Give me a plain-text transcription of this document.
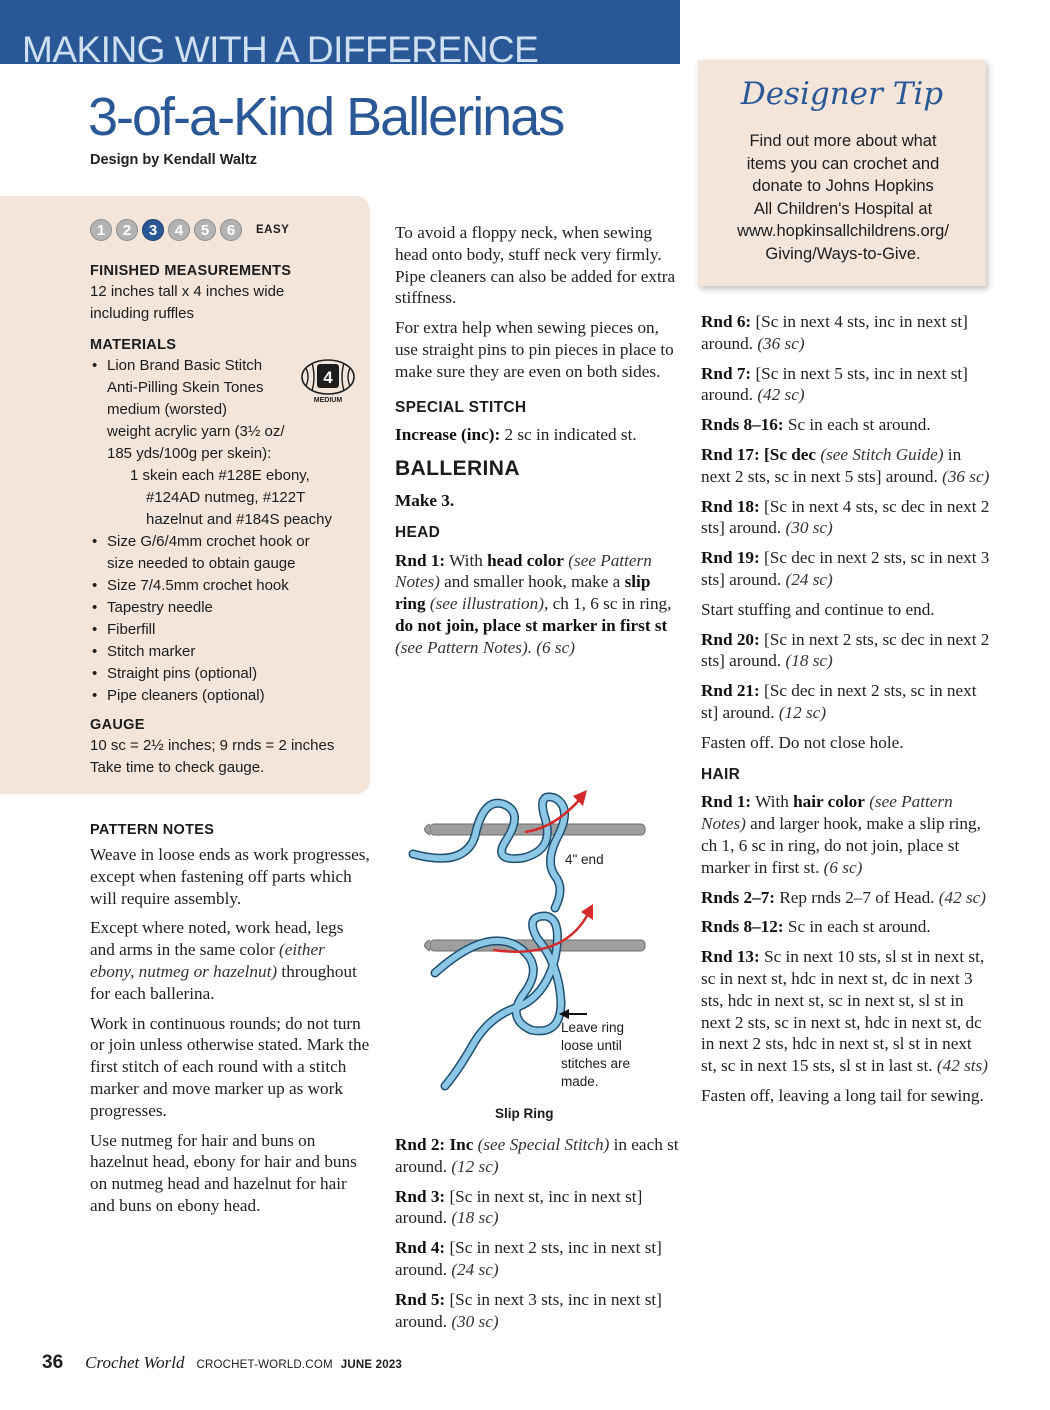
MAKING WITH A DIFFERENCE
3-of-a-Kind Ballerinas
Design by Kendall Waltz
1	2	3	4	5	6	EASY
FINISHED MEASUREMENTS
12 inches tall x 4 inches wide
including ruffles
MATERIALS
• Lion Brand Basic Stitch
Anti-Pilling Skein Tones
medium (worsted)
weight acrylic yarn (3½ oz/
185 yds/100g per skein):
1 skein each #128E ebony,
#124AD nutmeg, #122T
hazelnut and #184S peachy
• Size G/6/4mm crochet hook or
size needed to obtain gauge
• Size 7/4.5mm crochet hook
• Tapestry needle
• Fiberfill
• Stitch marker
• Straight pins (optional)
• Pipe cleaners (optional)
4
MEDIUM
GAUGE
10 sc = 2½ inches; 9 rnds = 2 inches
Take time to check gauge.
PATTERN NOTES

Weave in loose ends as work progresses, except when fastening off parts which will require assembly.

Except where noted, work head, legs and arms in the same color (either ebony, nutmeg or hazelnut) throughout for each ballerina.

Work in continuous rounds; do not turn or join unless otherwise stated. Mark the first stitch of each round with a stitch marker and move marker up as work progresses.

Use nutmeg for hair and buns on hazelnut head, ebony for hair and buns on nutmeg head and hazelnut for hair and buns on ebony head.

To avoid a floppy neck, when sewing head onto body, stuff neck very firmly. Pipe cleaners can also be added for extra stiffness.

For extra help when sewing pieces on, use straight pins to pin pieces in place to make sure they are even on both sides.

SPECIAL STITCH

Increase (inc): 2 sc in indicated st.

BALLERINA

Make 3.

HEAD

Rnd 1: With head color (see Pattern Notes) and smaller hook, make a slip ring (see illustration), ch 1, 6 sc in ring, do not join, place st marker in first st (see Pattern Notes). (6 sc)

4" end
Leave ring
loose until
stitches are
made.
Slip Ring

Rnd 2: Inc (see Special Stitch) in each st around. (12 sc)

Rnd 3: [Sc in next st, inc in next st] around. (18 sc)

Rnd 4: [Sc in next 2 sts, inc in next st] around. (24 sc)

Rnd 5: [Sc in next 3 sts, inc in next st] around. (30 sc)

Designer Tip
Find out more about what
items you can crochet and
donate to Johns Hopkins
All Children's Hospital at
www.hopkinsallchildrens.org/
Giving/Ways-to-Give.

Rnd 6: [Sc in next 4 sts, inc in next st] around. (36 sc)

Rnd 7: [Sc in next 5 sts, inc in next st] around. (42 sc)

Rnds 8–16: Sc in each st around.

Rnd 17: [Sc dec (see Stitch Guide) in next 2 sts, sc in next 5 sts] around. (36 sc)

Rnd 18: [Sc in next 4 sts, sc dec in next 2 sts] around. (30 sc)

Rnd 19: [Sc dec in next 2 sts, sc in next 3 sts] around. (24 sc)

Start stuffing and continue to end.

Rnd 20: [Sc in next 2 sts, sc dec in next 2 sts] around. (18 sc)

Rnd 21: [Sc dec in next 2 sts, sc in next st] around. (12 sc)

Fasten off. Do not close hole.

HAIR

Rnd 1: With hair color (see Pattern Notes) and larger hook, make a slip ring, ch 1, 6 sc in ring, do not join, place st marker in first st. (6 sc)

Rnds 2–7: Rep rnds 2–7 of Head. (42 sc)

Rnds 8–12: Sc in each st around.

Rnd 13: Sc in next 10 sts, sl st in next st, sc in next st, hdc in next st, dc in next 3 sts, hdc in next st, sc in next st, sl st in next 2 sts, sc in next st, hdc in next st, dc in next 2 sts, hdc in next st, sl st in next st, sc in next 15 sts, sl st in last st. (42 sts)

Fasten off, leaving a long tail for sewing.

36 Crochet World CROCHET-WORLD.COM JUNE 2023
